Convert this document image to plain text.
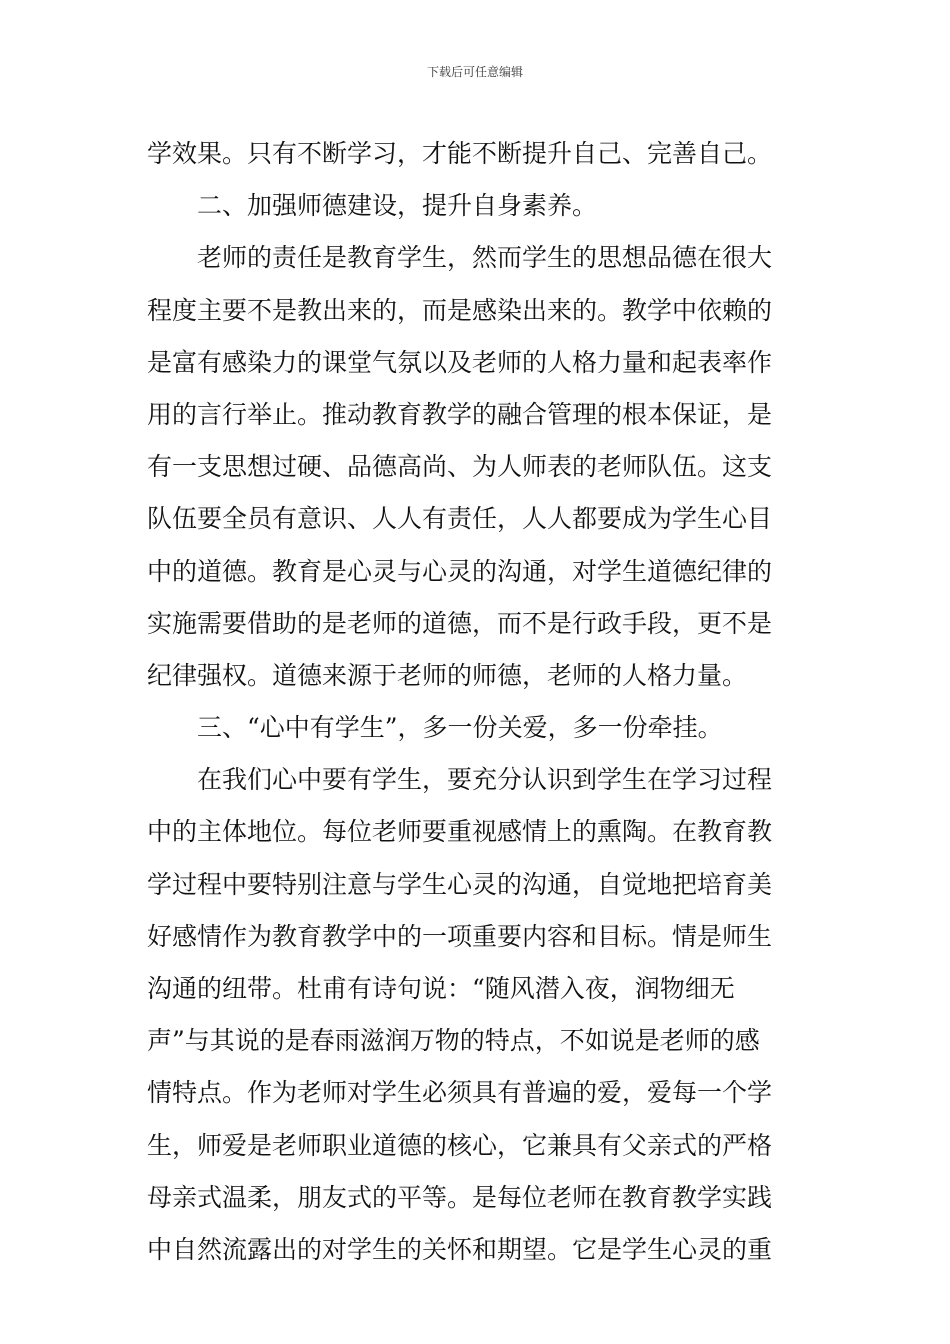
下载后可任意编辑
学效果。只有不断学习，才能不断提升自己、完善自己。
二、加强师德建设，提升自身素养。
老师的责任是教育学生，然而学生的思想品德在很大
程度主要不是教出来的，而是感染出来的。教学中依赖的
是富有感染力的课堂气氛以及老师的人格力量和起表率作
用的言行举止。推动教育教学的融合管理的根本保证，是
有一支思想过硬、品德高尚、为人师表的老师队伍。这支
队伍要全员有意识、人人有责任，人人都要成为学生心目
中的道德。教育是心灵与心灵的沟通，对学生道德纪律的
实施需要借助的是老师的道德，而不是行政手段，更不是
纪律强权。道德来源于老师的师德，老师的人格力量。
三、“心中有学生”，多一份关爱，多一份牵挂。
在我们心中要有学生，要充分认识到学生在学习过程
中的主体地位。每位老师要重视感情上的熏陶。在教育教
学过程中要特别注意与学生心灵的沟通，自觉地把培育美
好感情作为教育教学中的一项重要内容和目标。情是师生
沟通的纽带。杜甫有诗句说：“随风潜入夜，润物细无
声”与其说的是春雨滋润万物的特点，不如说是老师的感
情特点。作为老师对学生必须具有普遍的爱，爱每一个学
生，师爱是老师职业道德的核心，它兼具有父亲式的严格
母亲式温柔，朋友式的平等。是每位老师在教育教学实践
中自然流露出的对学生的关怀和期望。它是学生心灵的重
